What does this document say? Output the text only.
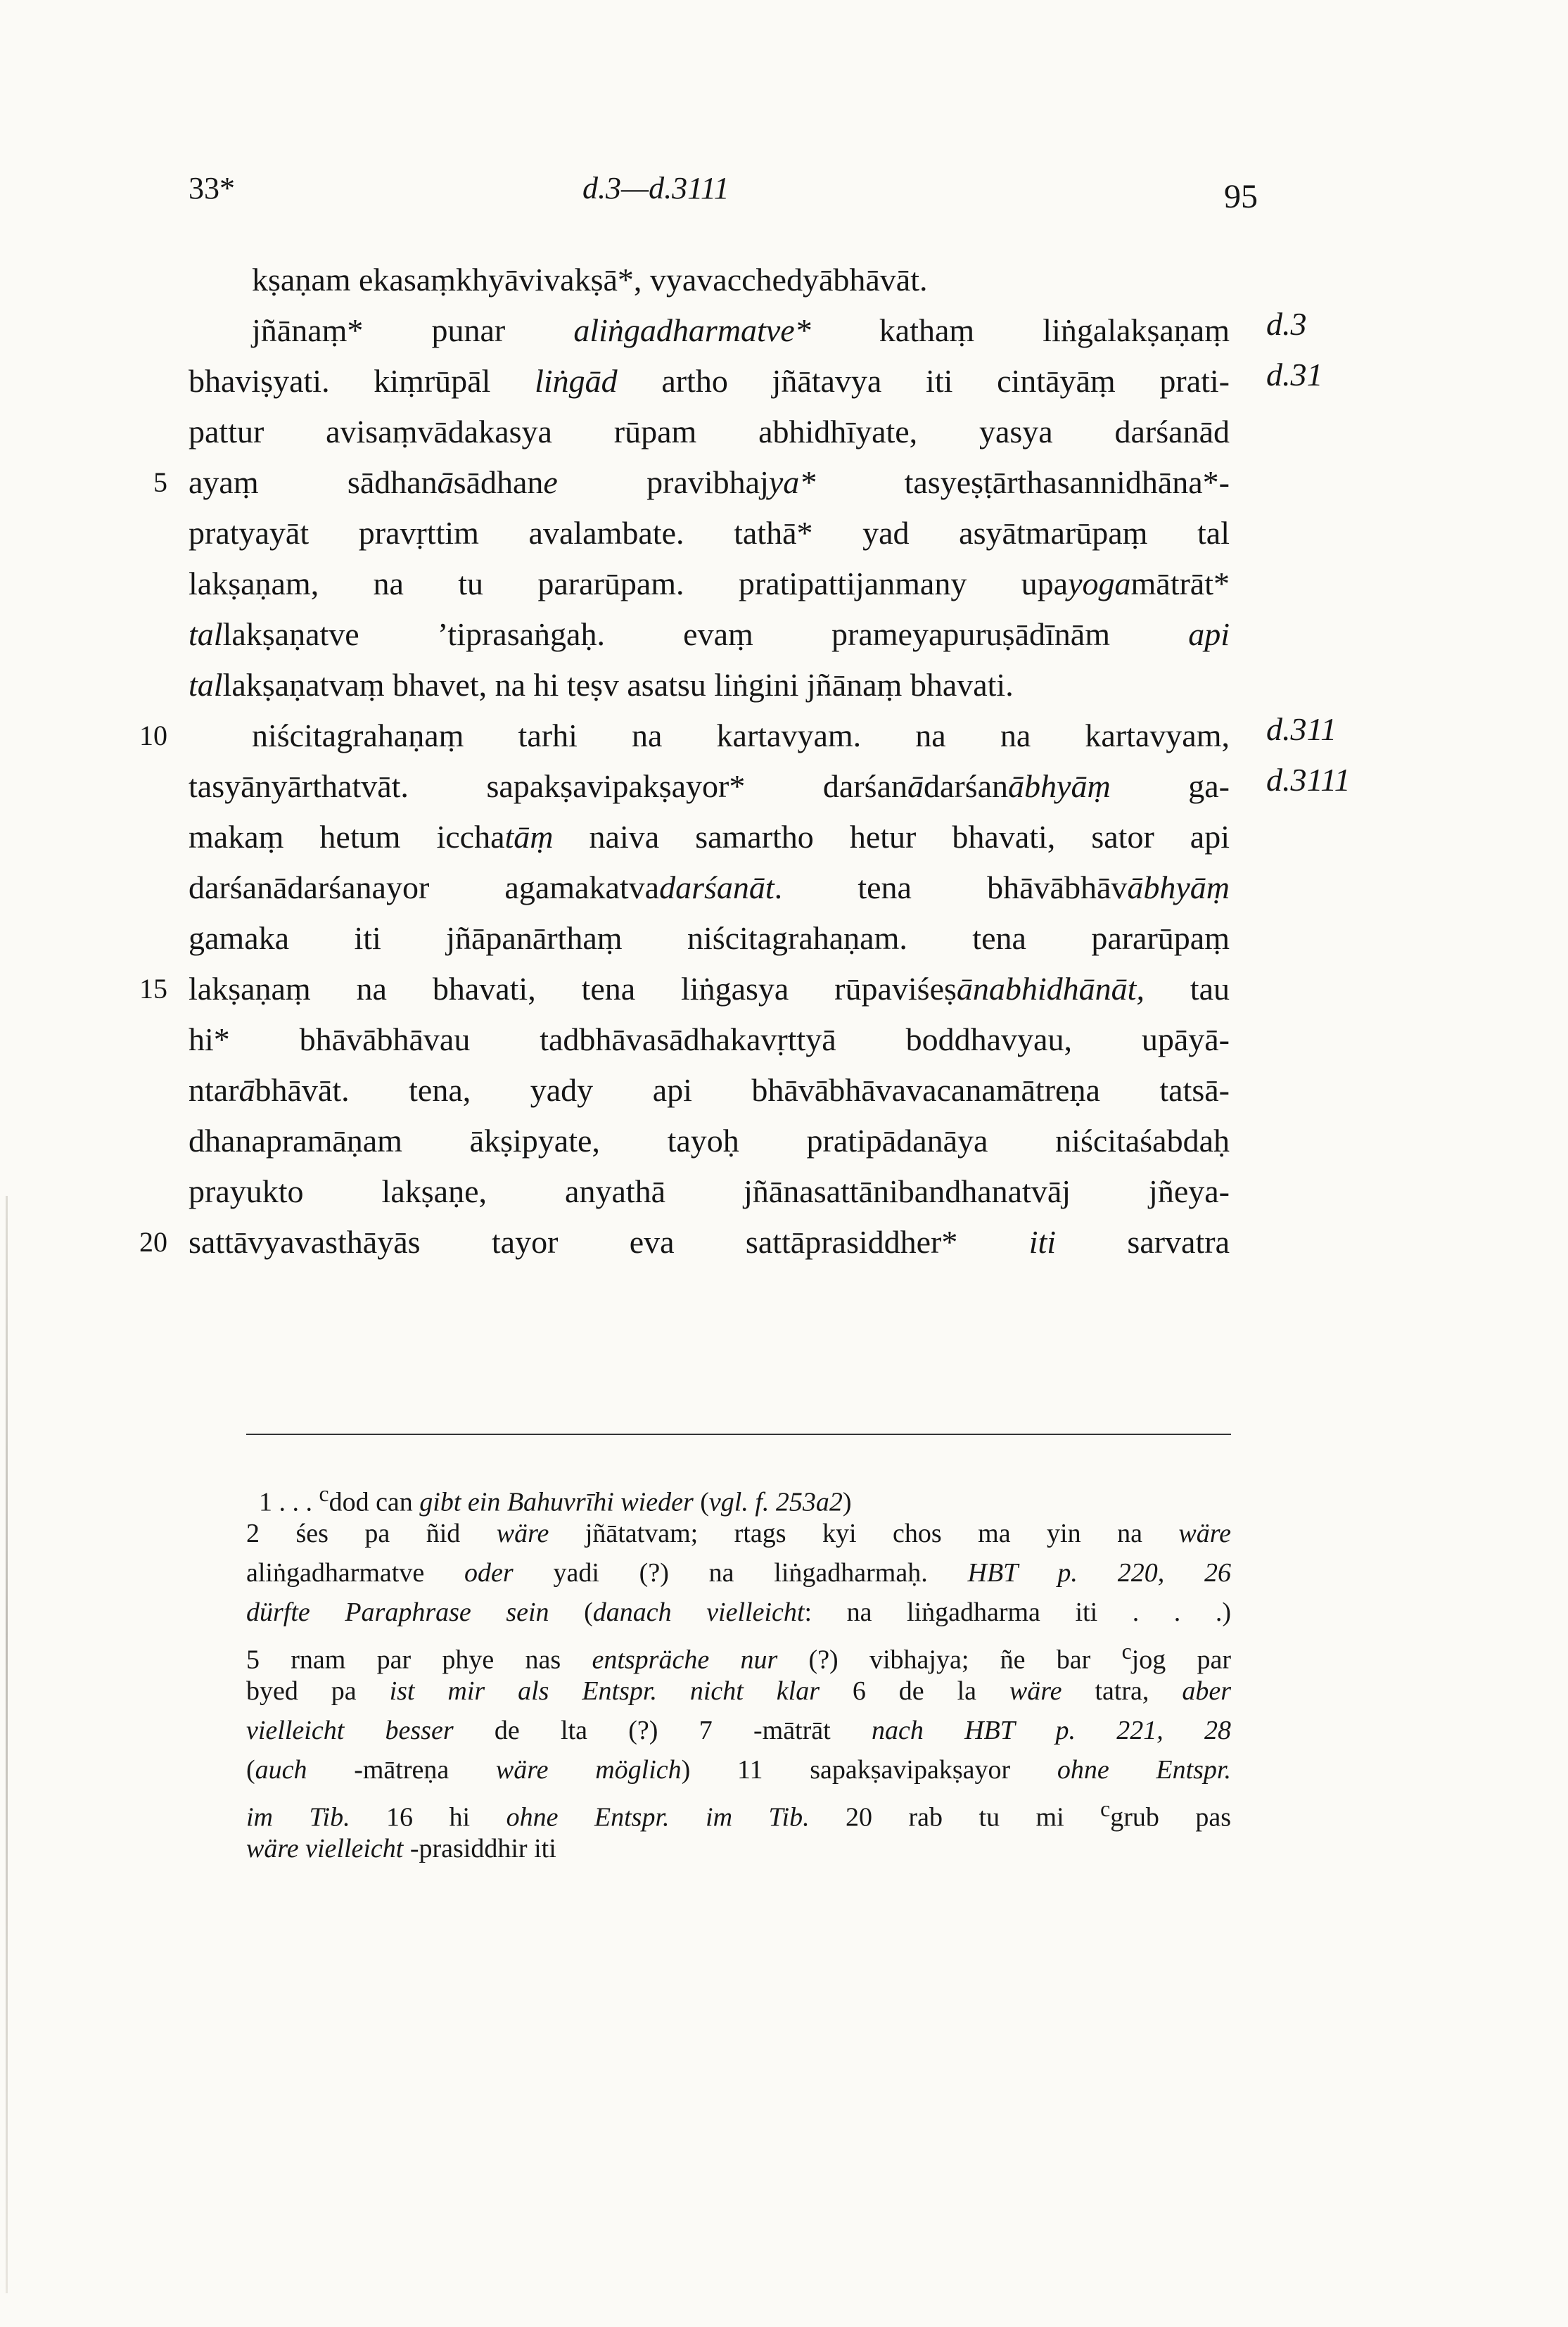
33*	d.3—d.3111	95
kṣaṇam ekasaṃkhyāvivakṣā*, vyavacchedyābhāvāt.
jñānaṃ* punar aliṅgadharmatve* kathaṃ liṅgalakṣaṇaṃ d.3
bhaviṣyati. kiṃrūpāl liṅgād artho jñātavya iti cintāyāṃ prati- d.31
pattur avisaṃvādakasya rūpam abhidhīyate, yasya darśanād
5 ayaṃ sādhanāsādhane pravibhajya* tasyeṣṭārthasannidhāna*-
pratyayāt pravṛttim avalambate. tathā* yad asyātmarūpaṃ tal
lakṣaṇam, na tu pararūpam. pratipattijanmany upayogamātrāt*
tallakṣaṇatve ’tiprasaṅgaḥ. evaṃ prameyapuruṣādīnām api
tallakṣaṇatvaṃ bhavet, na hi teṣv asatsu liṅgini jñānaṃ bhavati.
10	niścitagrahaṇaṃ tarhi na kartavyam. na na kartavyam, d.311
tasyānyārthatvāt. sapakṣavipakṣayor* darśanādarśanābhyāṃ ga- d.3111
makaṃ hetum icchatāṃ naiva samartho hetur bhavati, sator api
darśanādarśanayor agamakatvadarśanāt. tena bhāvābhāvābhyāṃ
gamaka iti jñāpanārthaṃ niścitagrahaṇam. tena pararūpaṃ
15 lakṣaṇaṃ na bhavati, tena liṅgasya rūpaviśeṣānabhidhānāt, tau
hi* bhāvābhāvau tadbhāvasādhakavṛttyā boddhavyau, upāyā-
ntarābhāvāt. tena, yady api bhāvābhāvavacanamātreṇa tatsā-
dhanapramāṇam ākṣipyate, tayoḥ pratipādanāya niścitaśabdaḥ
prayukto lakṣaṇe, anyathā jñānasattānibandhanatvāj jñeya-
20 sattāvyavasthāyās tayor eva sattāprasiddher* iti sarvatra
1 . . . $^c$dod can gibt ein Bahuvrīhi wieder (vgl. f. 253a2)
2 śes pa ñid wäre jñātatvam; rtags kyi chos ma yin na wäre
aliṅgadharmatve oder yadi (?) na liṅgadharmaḥ. HBT p. 220, 26
dürfte Paraphrase sein (danach vielleicht: na liṅgadharma iti . . .)
5 rnam par phye nas entspräche nur (?) vibhajya; ñe bar $^c$jog par
byed pa ist mir als Entspr. nicht klar 6 de la wäre tatra, aber
vielleicht besser de lta (?) 7 -mātrāt nach HBT p. 221, 28
(auch -mātreṇa wäre möglich) 11 sapakṣavipakṣayor ohne Entspr.
im Tib. 16 hi ohne Entspr. im Tib. 20 rab tu mi $^c$grub pas
wäre vielleicht -prasiddhir iti
